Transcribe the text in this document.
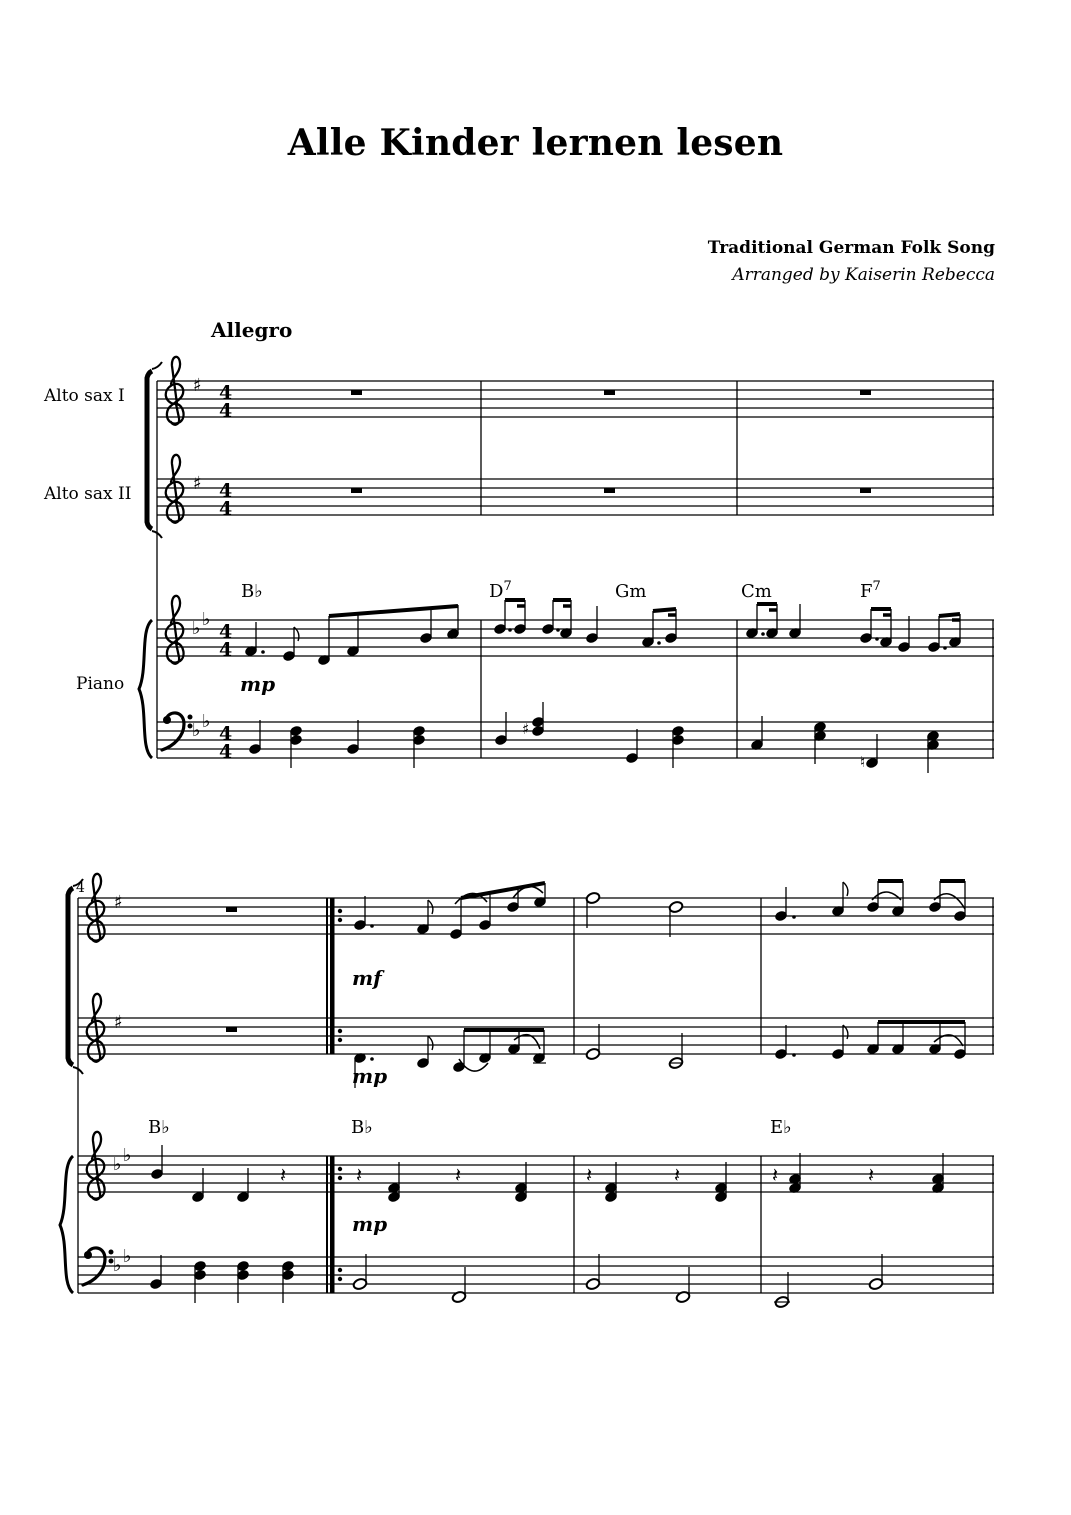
Alle Kinder lernen lesen
Traditional German Folk Song
Arranged by Kaiserin Rebecca
Allegro
Alto sax I
Alto sax II
Piano
♯
♯
♭ ♭
♭ ♭
4
4
4
4
4
4
4
4
B♭	$D^7$	Gm	Cm	$F^7$
mp
♯
♮
4
♯
♯
♭ ♭
♭ ♭
mf
mp
B♭	B♭	E♭
𝄽	𝄽	𝄽	𝄽	𝄽	𝄽	𝄽
mp
